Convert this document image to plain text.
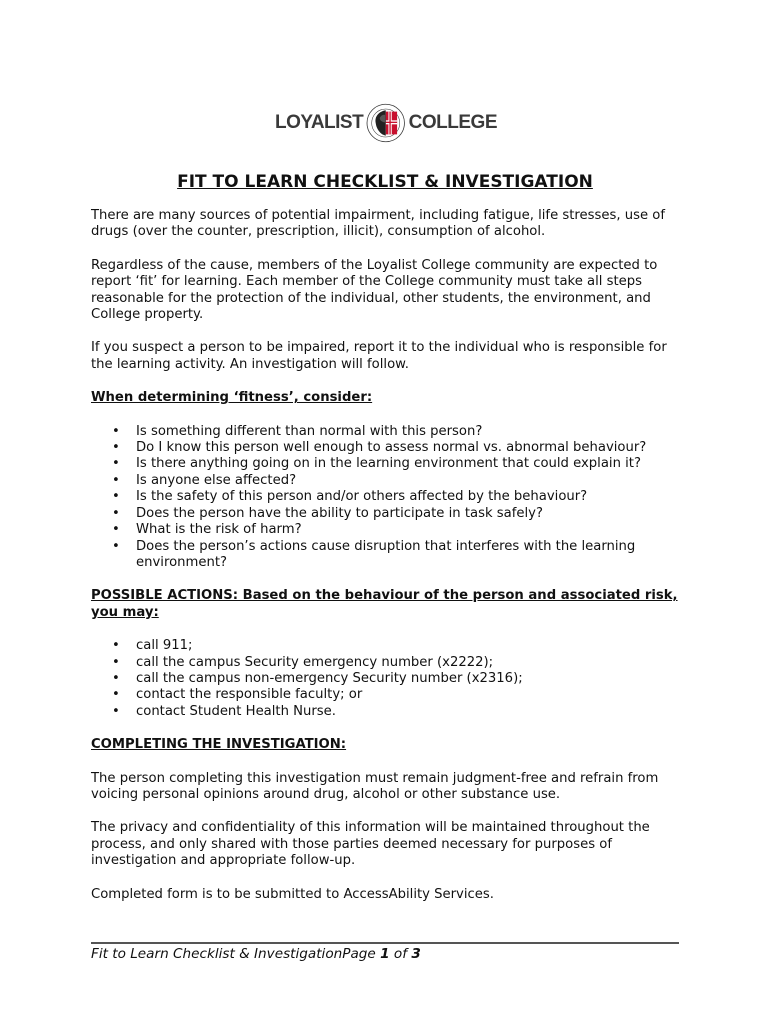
LOYALIST COLLEGE
FIT TO LEARN CHECKLIST & INVESTIGATION

There are many sources of potential impairment, including fatigue, life stresses, use of drugs (over the counter, prescription, illicit), consumption of alcohol.

Regardless of the cause, members of the Loyalist College community are expected to report ‘fit’ for learning. Each member of the College community must take all steps reasonable for the protection of the individual, other students, the environment, and College property.

If you suspect a person to be impaired, report it to the individual who is responsible for the learning activity. An investigation will follow.

When determining ‘fitness’, consider:

• Is something different than normal with this person?
• Do I know this person well enough to assess normal vs. abnormal behaviour?
• Is there anything going on in the learning environment that could explain it?
• Is anyone else affected?
• Is the safety of this person and/or others affected by the behaviour?
• Does the person have the ability to participate in task safely?
• What is the risk of harm?
• Does the person’s actions cause disruption that interferes with the learning environment?

POSSIBLE ACTIONS: Based on the behaviour of the person and associated risk, you may:

• call 911;
• call the campus Security emergency number (x2222);
• call the campus non-emergency Security number (x2316);
• contact the responsible faculty; or
• contact Student Health Nurse.

COMPLETING THE INVESTIGATION:

The person completing this investigation must remain judgment-free and refrain from voicing personal opinions around drug, alcohol or other substance use.

The privacy and confidentiality of this information will be maintained throughout the process, and only shared with those parties deemed necessary for purposes of investigation and appropriate follow-up.

Completed form is to be submitted to AccessAbility Services.

Fit to Learn Checklist & InvestigationPage 1 of 3
